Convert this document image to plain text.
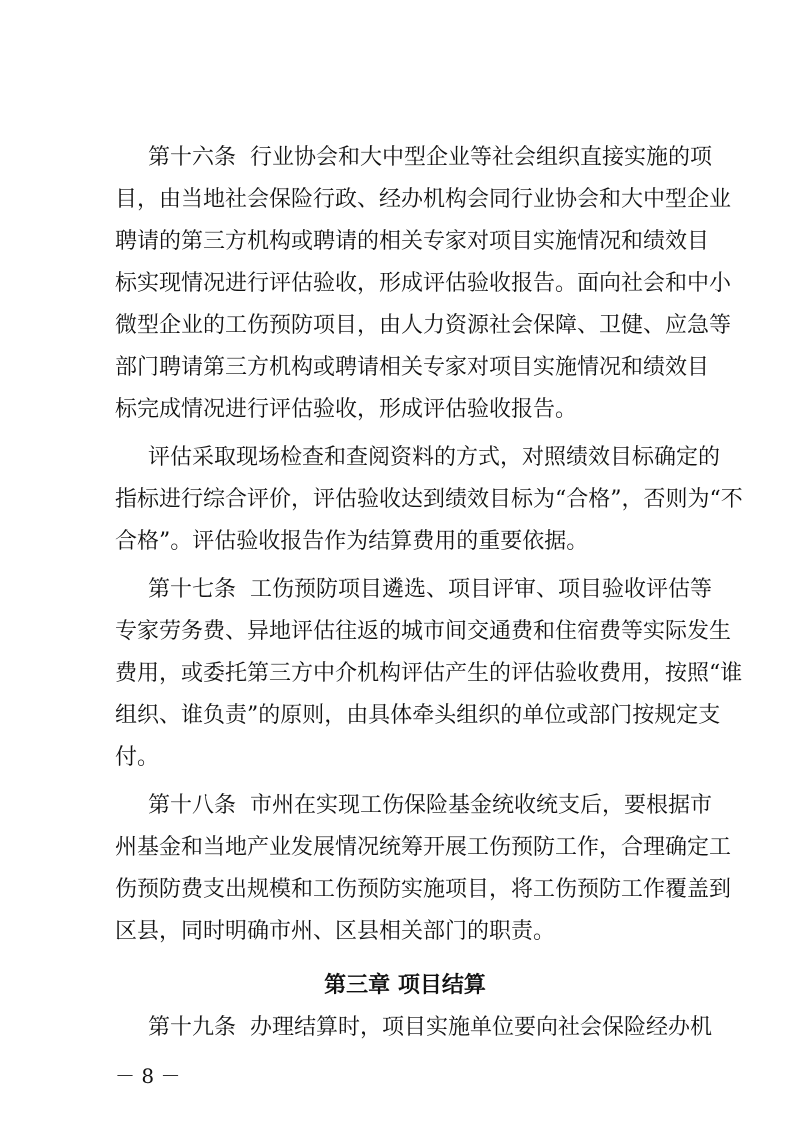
第十六条 行业协会和大中型企业等社会组织直接实施的项
目，由当地社会保险行政、经办机构会同行业协会和大中型企业
聘请的第三方机构或聘请的相关专家对项目实施情况和绩效目
标实现情况进行评估验收，形成评估验收报告。面向社会和中小
微型企业的工伤预防项目，由人力资源社会保障、卫健、应急等
部门聘请第三方机构或聘请相关专家对项目实施情况和绩效目
标完成情况进行评估验收，形成评估验收报告。
评估采取现场检查和查阅资料的方式，对照绩效目标确定的
指标进行综合评价，评估验收达到绩效目标为“合格”，否则为“不
合格”。评估验收报告作为结算费用的重要依据。
第十七条 工伤预防项目遴选、项目评审、项目验收评估等
专家劳务费、异地评估往返的城市间交通费和住宿费等实际发生
费用，或委托第三方中介机构评估产生的评估验收费用，按照“谁
组织、谁负责”的原则，由具体牵头组织的单位或部门按规定支
付。
第十八条 市州在实现工伤保险基金统收统支后，要根据市
州基金和当地产业发展情况统筹开展工伤预防工作，合理确定工
伤预防费支出规模和工伤预防实施项目，将工伤预防工作覆盖到
区县，同时明确市州、区县相关部门的职责。
第三章 项目结算
第十九条 办理结算时，项目实施单位要向社会保险经办机
－ 8 －
